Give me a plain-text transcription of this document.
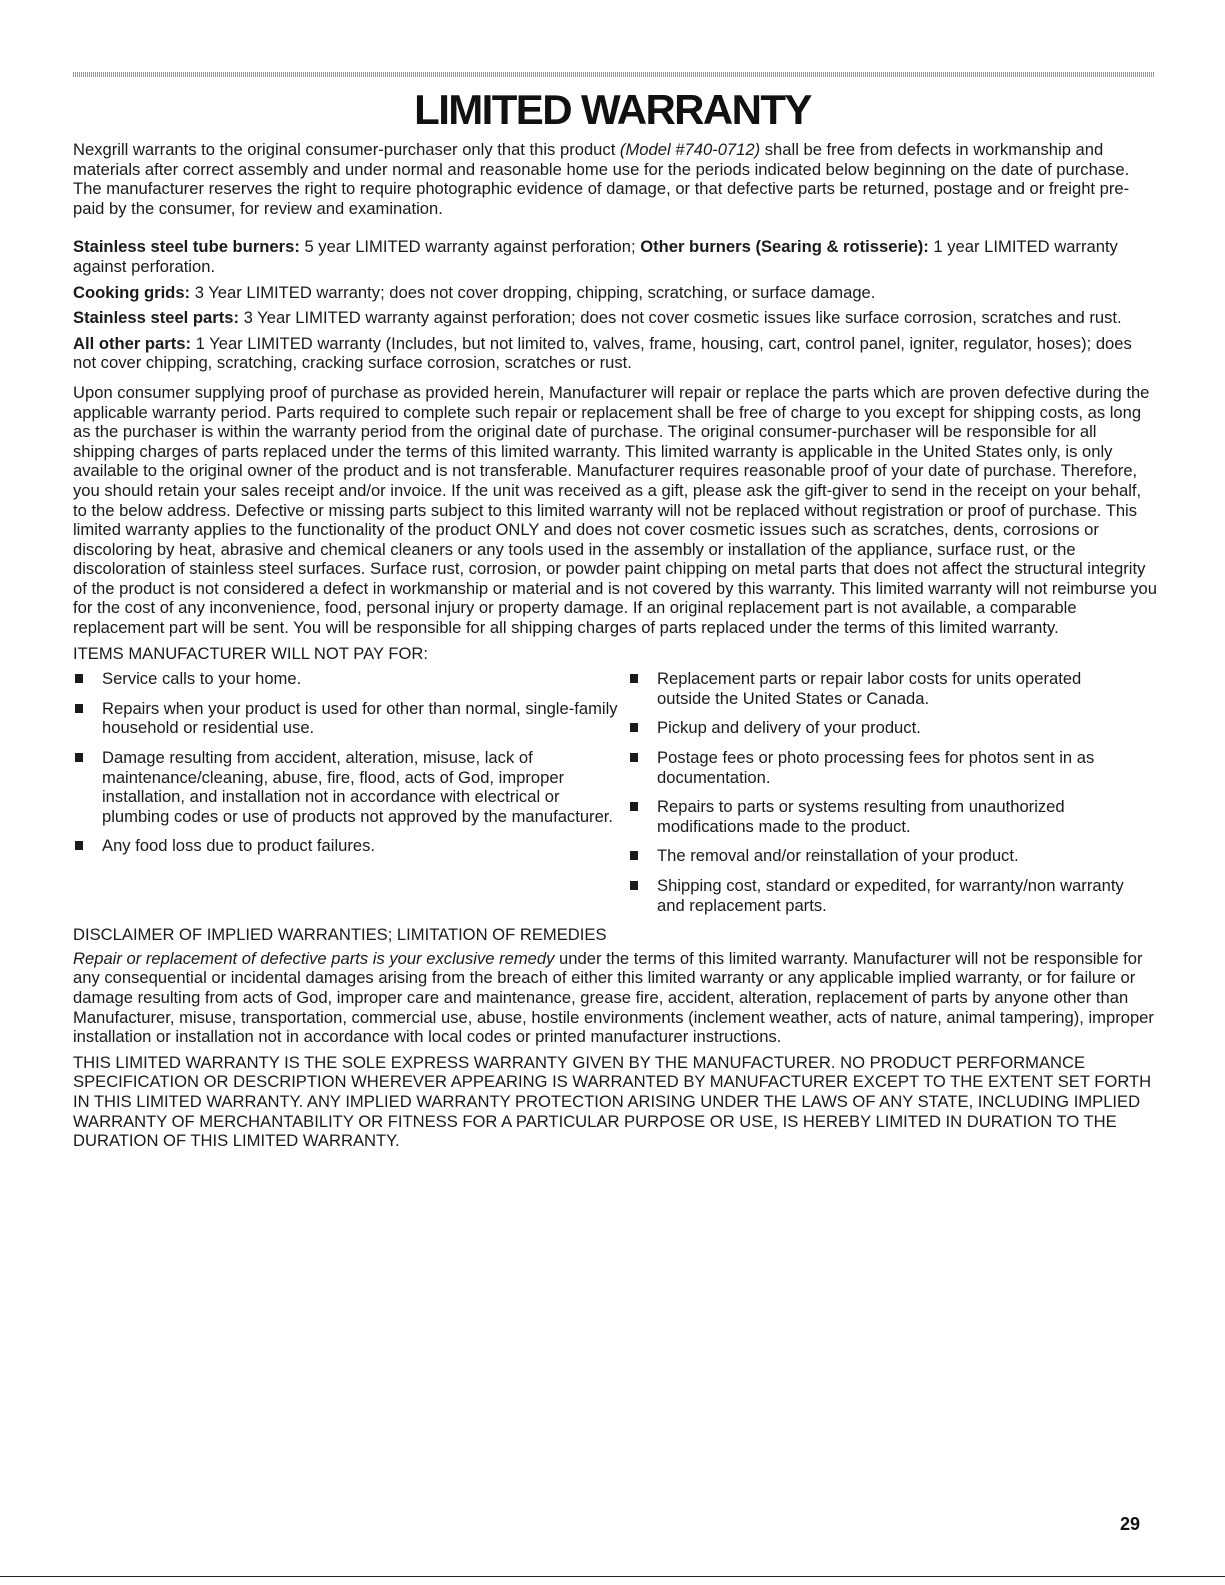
LIMITED WARRANTY

Nexgrill warrants to the original consumer-purchaser only that this product (Model #740-0712) shall be free from defects in workmanship and materials after correct assembly and under normal and reasonable home use for the periods indicated below beginning on the date of purchase. The manufacturer reserves the right to require photographic evidence of damage, or that defective parts be returned, postage and or freight pre-paid by the consumer, for review and examination.

Stainless steel tube burners: 5 year LIMITED warranty against perforation; Other burners (Searing & rotisserie): 1 year LIMITED warranty against perforation.

Cooking grids: 3 Year LIMITED warranty; does not cover dropping, chipping, scratching, or surface damage.

Stainless steel parts: 3 Year LIMITED warranty against perforation; does not cover cosmetic issues like surface corrosion, scratches and rust.

All other parts: 1 Year LIMITED warranty (Includes, but not limited to, valves, frame, housing, cart, control panel, igniter, regulator, hoses); does not cover chipping, scratching, cracking surface corrosion, scratches or rust.

Upon consumer supplying proof of purchase as provided herein, Manufacturer will repair or replace the parts which are proven defective during the applicable warranty period. Parts required to complete such repair or replacement shall be free of charge to you except for shipping costs, as long as the purchaser is within the warranty period from the original date of purchase. The original consumer-purchaser will be responsible for all shipping charges of parts replaced under the terms of this limited warranty. This limited warranty is applicable in the United States only, is only available to the original owner of the product and is not transferable. Manufacturer requires reasonable proof of your date of purchase. Therefore, you should retain your sales receipt and/or invoice. If the unit was received as a gift, please ask the gift-giver to send in the receipt on your behalf, to the below address. Defective or missing parts subject to this limited warranty will not be replaced without registration or proof of purchase. This limited warranty applies to the functionality of the product ONLY and does not cover cosmetic issues such as scratches, dents, corrosions or discoloring by heat, abrasive and chemical cleaners or any tools used in the assembly or installation of the appliance, surface rust, or the discoloration of stainless steel surfaces. Surface rust, corrosion, or powder paint chipping on metal parts that does not affect the structural integrity of the product is not considered a defect in workmanship or material and is not covered by this warranty. This limited warranty will not reimburse you for the cost of any inconvenience, food, personal injury or property damage. If an original replacement part is not available, a comparable replacement part will be sent. You will be responsible for all shipping charges of parts replaced under the terms of this limited warranty.

ITEMS MANUFACTURER WILL NOT PAY FOR:

Service calls to your home.
Repairs when your product is used for other than normal, single-family household or residential use.
Damage resulting from accident, alteration, misuse, lack of maintenance/cleaning, abuse, fire, flood, acts of God, improper installation, and installation not in accordance with electrical or plumbing codes or use of products not approved by the manufacturer.
Any food loss due to product failures.
Replacement parts or repair labor costs for units operated outside the United States or Canada.
Pickup and delivery of your product.
Postage fees or photo processing fees for photos sent in as documentation.
Repairs to parts or systems resulting from unauthorized modifications made to the product.
The removal and/or reinstallation of your product.
Shipping cost, standard or expedited, for warranty/non warranty and replacement parts.

DISCLAIMER OF IMPLIED WARRANTIES; LIMITATION OF REMEDIES

Repair or replacement of defective parts is your exclusive remedy under the terms of this limited warranty. Manufacturer will not be responsible for any consequential or incidental damages arising from the breach of either this limited warranty or any applicable implied warranty, or for failure or damage resulting from acts of God, improper care and maintenance, grease fire, accident, alteration, replacement of parts by anyone other than Manufacturer, misuse, transportation, commercial use, abuse, hostile environments (inclement weather, acts of nature, animal tampering), improper installation or installation not in accordance with local codes or printed manufacturer instructions.

THIS LIMITED WARRANTY IS THE SOLE EXPRESS WARRANTY GIVEN BY THE MANUFACTURER. NO PRODUCT PERFORMANCE SPECIFICATION OR DESCRIPTION WHEREVER APPEARING IS WARRANTED BY MANUFACTURER EXCEPT TO THE EXTENT SET FORTH IN THIS LIMITED WARRANTY. ANY IMPLIED WARRANTY PROTECTION ARISING UNDER THE LAWS OF ANY STATE, INCLUDING IMPLIED WARRANTY OF MERCHANTABILITY OR FITNESS FOR A PARTICULAR PURPOSE OR USE, IS HEREBY LIMITED IN DURATION TO THE DURATION OF THIS LIMITED WARRANTY.

29
